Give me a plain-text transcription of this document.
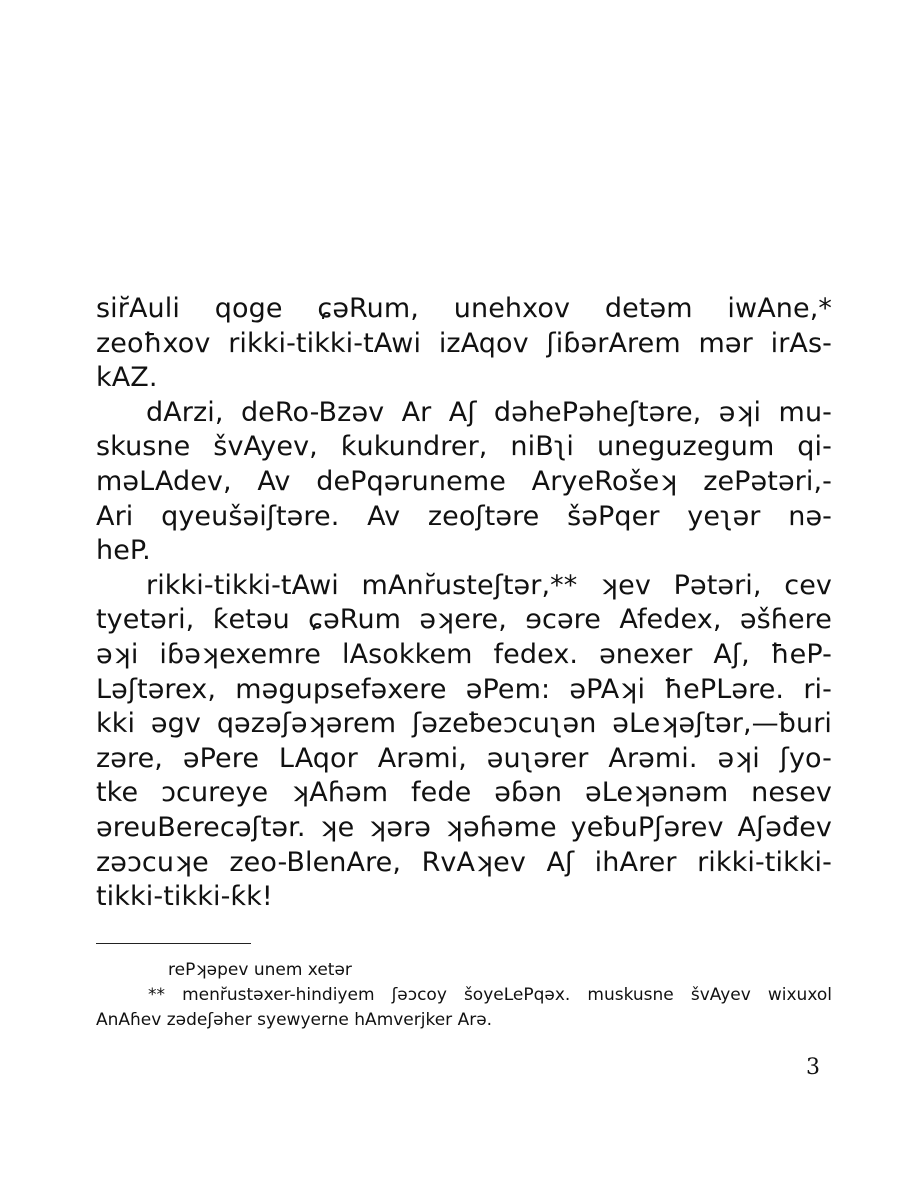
sir̆Auli qoge ɕəRum, unehxov detəm iwAne,*
zeoħxov rikki-tikki-tAwi izAqov ʃiɓərArem mər irAs-
kAZ.
dArzi, deRo-Bzəv Ar Aʃ dəhePəheʃtəre, əʞi mu-
skusne švAyev, ƙukundrer, niBʅi uneguzegum qi-
məLAdev, Av dePqəruneme AryeRošeʞ zePətəri,-
Ari qyeušəiʃtəre. Av zeoʃtəre šəPqer yeʅər nə-
heP.
rikki-tikki-tAwi mAnr̆usteʃtər,** ʞev Pətəri, cev
tyetəri, ƙetəu ɕəRum əʞere, ɘcəre Afedex, əšɦere
əʞi iɓəʞexemre lAsokkem fedex. ənexer Aʃ, ħeP-
Ləʃtərex, məgupsefəxere əPem: əPAʞi ħePLəre. ri-
kki əgv qəzəʃəʞərem ʃəzeƀeɔcuʅən əLeʞəʃtər,—ƀuri
zəre, əPere LAqor Arəmi, əuʅərer Arəmi. əʞi ʃyo-
tke ɔcureye ʞAɦəm fede əɓən əLeʞənəm nesev
əreuBerecəʃtər. ʞe ʞərə ʞəɦəme yeƀuPʃərev Aʃəđev
zəɔcuʞe zeo-BlenAre, RvAʞev Aʃ ihArer rikki-tikki-
tikki-tikki-ƙk!
rePʞəpev unem xetər
** menr̆ustəxer-hindiyem ʃəɔcoy šoyeLePqəx. muskusne švAyev wixuxol
AnAɦev zədeʃəher syewyerne hAmverjker Arə.
3
